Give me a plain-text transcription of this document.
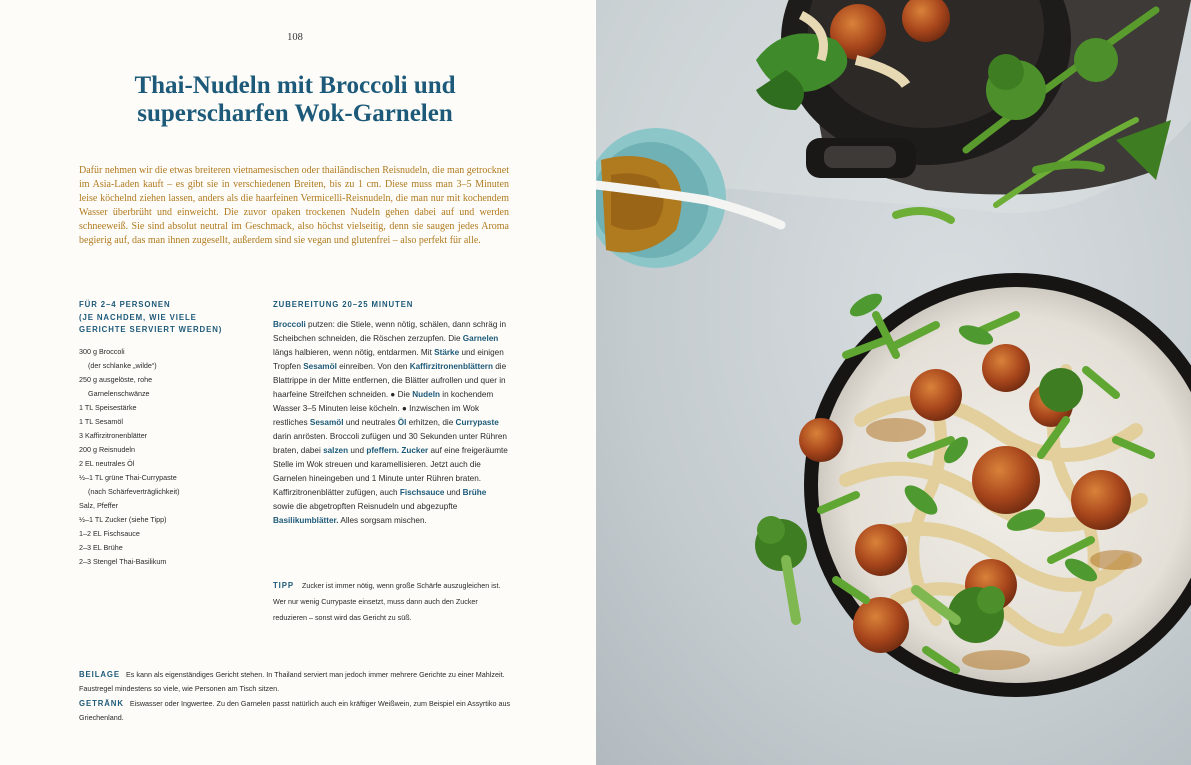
108
Thai-Nudeln mit Broccoli und superscharfen Wok-Garnelen

Dafür nehmen wir die etwas breiteren vietnamesischen oder thailändischen Reisnudeln, die man getrocknet im Asia-Laden kauft – es gibt sie in verschiedenen Breiten, bis zu 1 cm. Diese muss man 3–5 Minuten leise köchelnd ziehen lassen, anders als die haarfeinen Vermicelli-Reisnudeln, die man nur mit kochendem Wasser überbrüht und einweicht. Die zuvor opaken trockenen Nudeln gehen dabei auf und werden schneeweiß. Sie sind absolut neutral im Geschmack, also höchst vielseitig, denn sie saugen jedes Aroma begierig auf, das man ihnen zugesellt, außerdem sind sie vegan und glutenfrei – also perfekt für alle.

FÜR 2–4 PERSONEN
(JE NACHDEM, WIE VIELE
GERICHTE SERVIERT WERDEN)
300 g Broccoli
(der schlanke „wilde“)
250 g ausgelöste, rohe
Garnelenschwänze
1 TL Speisestärke
1 TL Sesamöl
3 Kaffirzitronenblätter
200 g Reisnudeln
2 EL neutrales Öl
½–1 TL grüne Thai-Currypaste
(nach Schärfeverträglichkeit)
Salz, Pfeffer
½–1 TL Zucker (siehe Tipp)
1–2 EL Fischsauce
2–3 EL Brühe
2–3 Stengel Thai-Basilikum
ZUBEREITUNG 20–25 MINUTEN
Broccoli putzen: die Stiele, wenn nötig, schälen, dann schräg in Scheibchen schneiden, die Röschen zerzupfen. Die Garnelen längs halbieren, wenn nötig, entdarmen. Mit Stärke und einigen Tropfen Sesamöl einreiben. Von den Kaffirzitronenblättern die Blattrippe in der Mitte entfernen, die Blätter aufrollen und quer in haarfeine Streifchen schneiden. ● Die Nudeln in kochendem Wasser 3–5 Minuten leise köcheln. ● Inzwischen im Wok restliches Sesamöl und neutrales Öl erhitzen, die Currypaste darin anrösten. Broccoli zufügen und 30 Sekunden unter Rühren braten, dabei salzen und pfeffern. Zucker auf eine freigeräumte Stelle im Wok streuen und karamellisieren. Jetzt auch die Garnelen hineingeben und 1 Minute unter Rühren braten. Kaffirzitronenblätter zufügen, auch Fischsauce und Brühe sowie die abgetropften Reisnudeln und abgezupfte Basilikumblätter. Alles sorgsam mischen.
TIPP Zucker ist immer nötig, wenn große Schärfe auszugleichen ist. Wer nur wenig Currypaste einsetzt, muss dann auch den Zucker reduzieren – sonst wird das Gericht zu süß.
BEILAGE Es kann als eigenständiges Gericht stehen. In Thailand serviert man jedoch immer mehrere Gerichte zu einer Mahlzeit. Faustregel mindestens so viele, wie Personen am Tisch sitzen.
GETRÄNK Eiswasser oder Ingwertee. Zu den Garnelen passt natürlich auch ein kräftiger Weißwein, zum Beispiel ein Assyrtiko aus Griechenland.
